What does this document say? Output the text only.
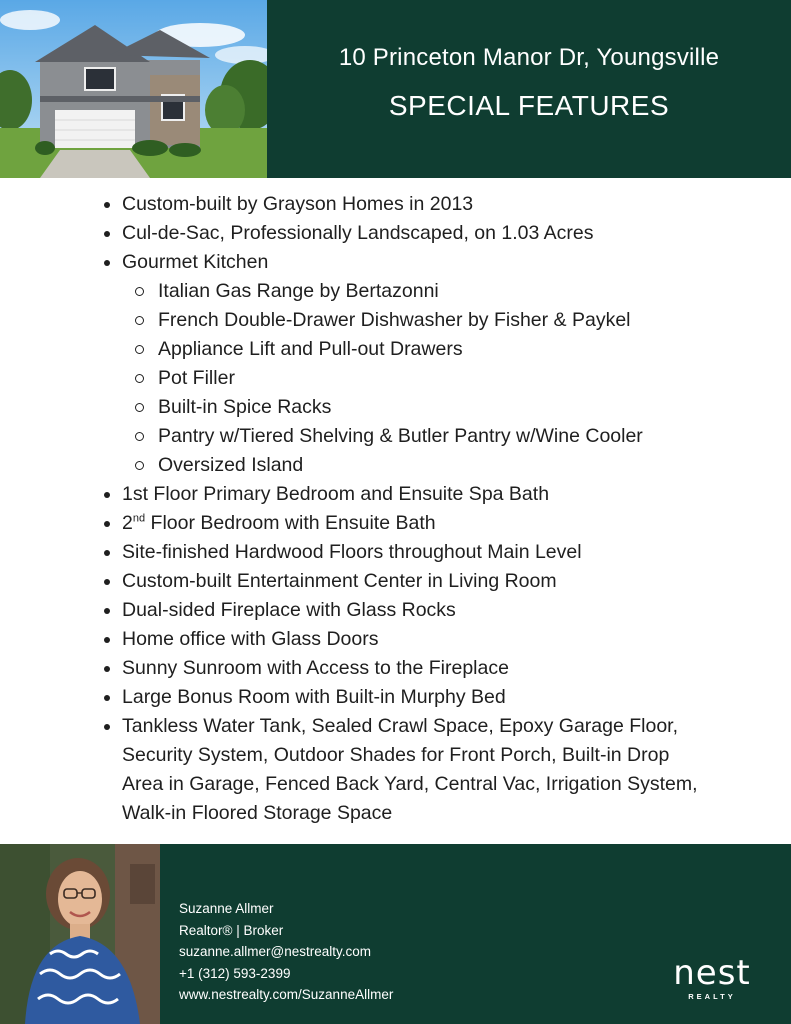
10 Princeton Manor Dr, Youngsville
SPECIAL FEATURES
Custom-built by Grayson Homes in 2013
Cul-de-Sac, Professionally Landscaped, on 1.03 Acres
Gourmet Kitchen
Italian Gas Range by Bertazonni
French Double-Drawer Dishwasher by Fisher & Paykel
Appliance Lift and Pull-out Drawers
Pot Filler
Built-in Spice Racks
Pantry w/Tiered Shelving & Butler Pantry w/Wine Cooler
Oversized Island
1st Floor Primary Bedroom and Ensuite Spa Bath
2nd Floor Bedroom with Ensuite Bath
Site-finished Hardwood Floors throughout Main Level
Custom-built Entertainment Center in Living Room
Dual-sided Fireplace with Glass Rocks
Home office with Glass Doors
Sunny Sunroom with Access to the Fireplace
Large Bonus Room with Built-in Murphy Bed
Tankless Water Tank, Sealed Crawl Space, Epoxy Garage Floor, Security System, Outdoor Shades for Front Porch, Built-in Drop Area in Garage, Fenced Back Yard, Central Vac, Irrigation System, Walk-in Floored Storage Space
Suzanne Allmer
Realtor® | Broker
suzanne.allmer@nestrealty.com
+1 (312) 593-2399
www.nestrealty.com/SuzanneAllmer
nest
REALTY
